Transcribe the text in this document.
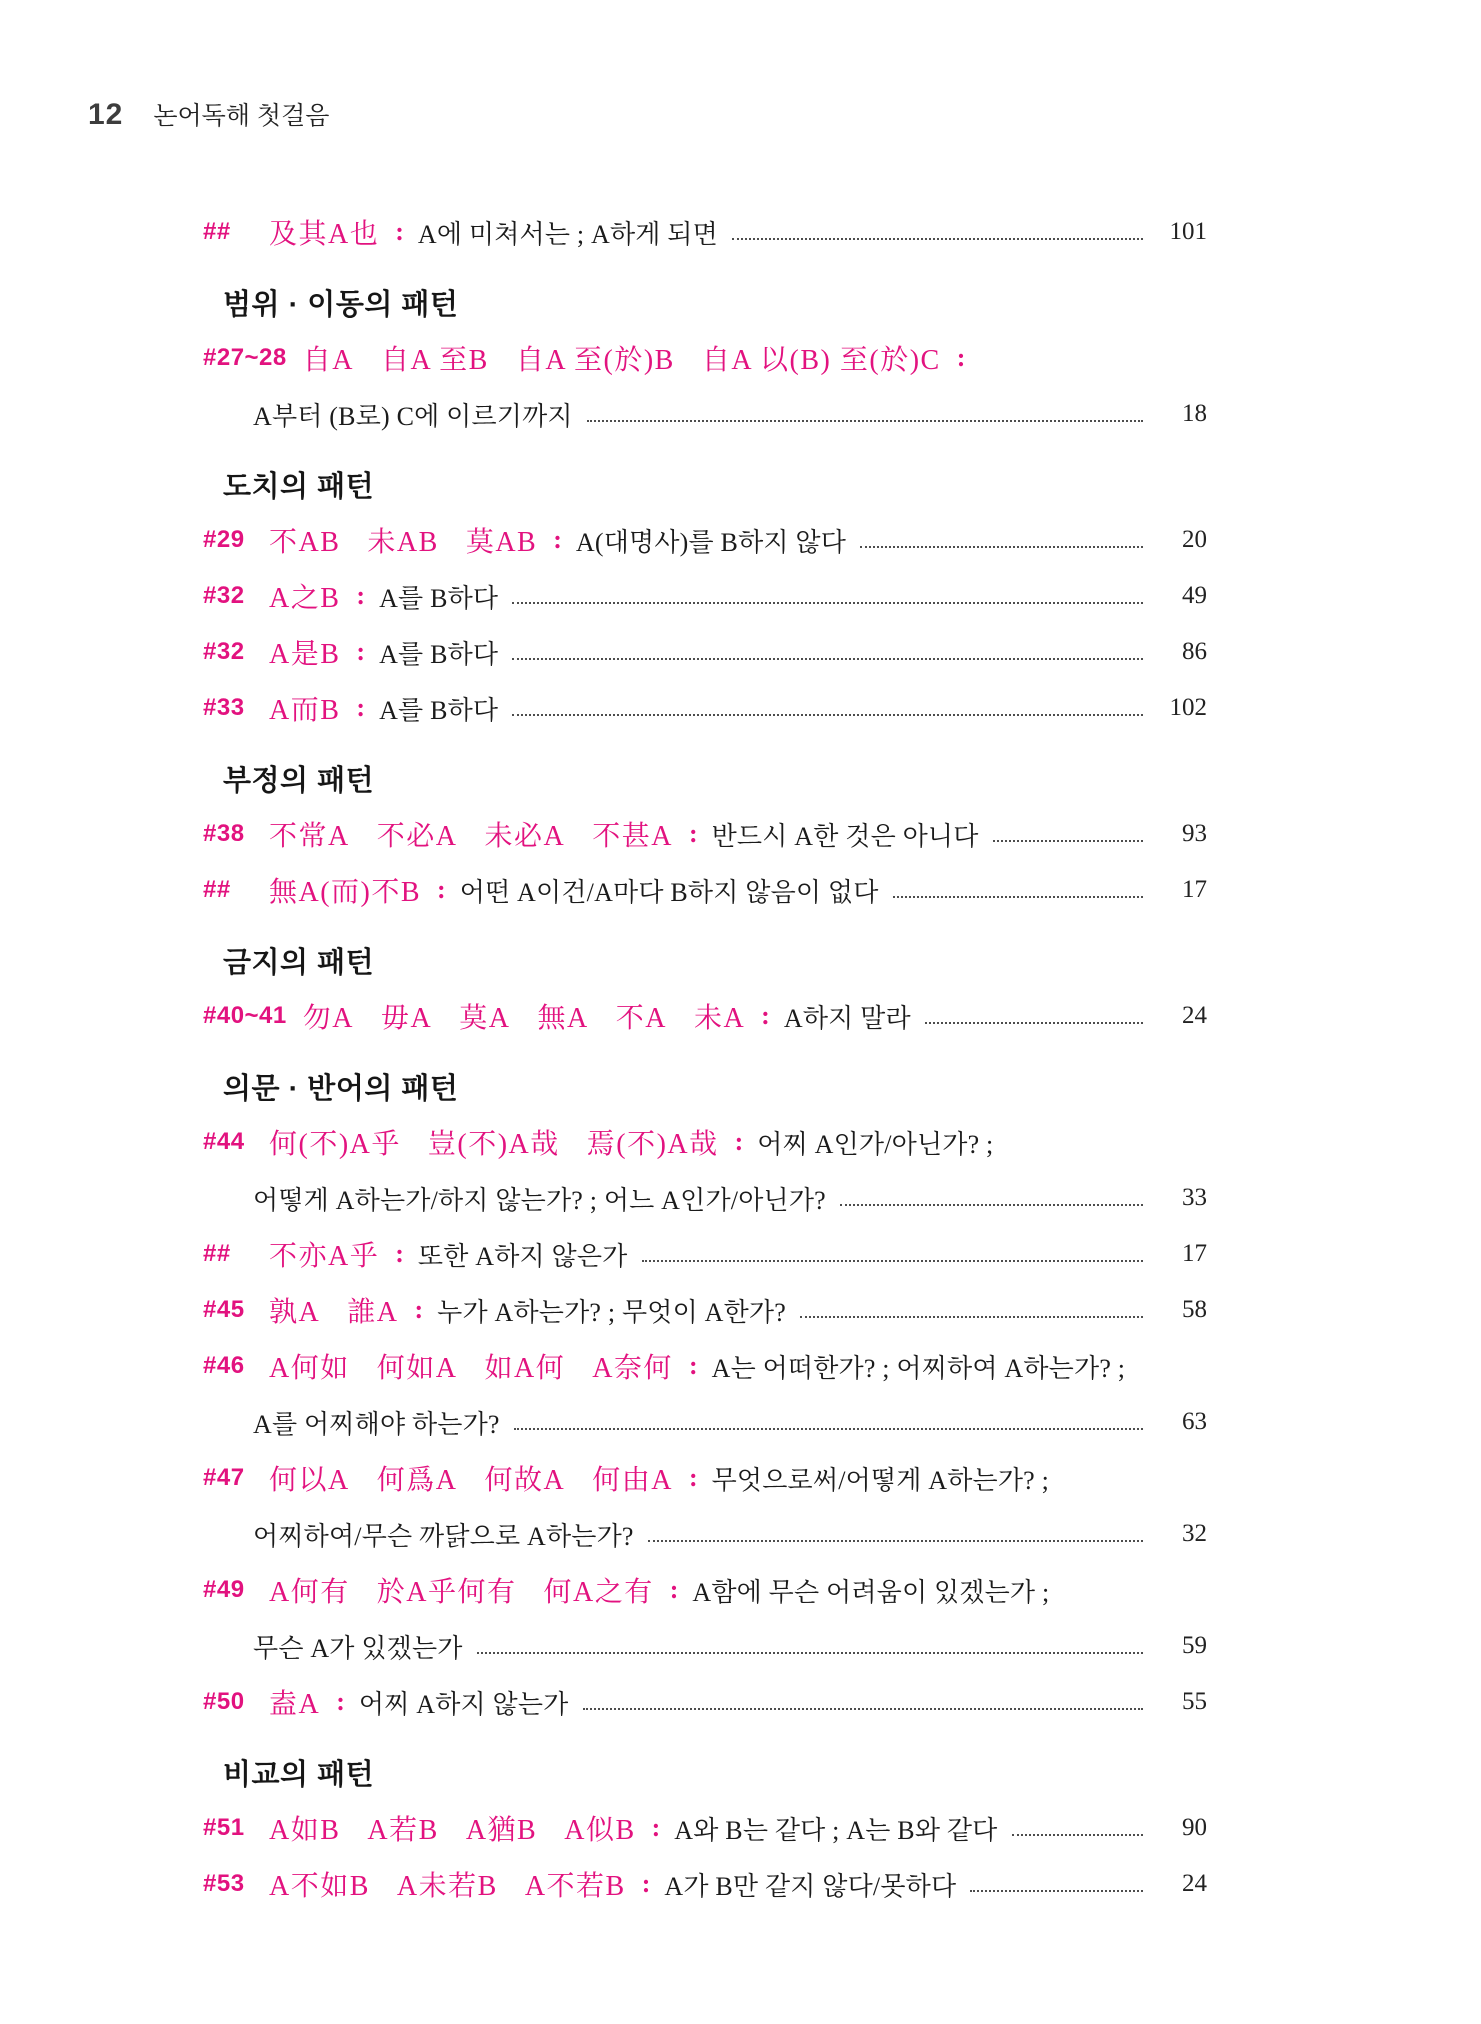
12 논어독해 첫걸음
##	及其A也 : A에 미쳐서는 ; A하게 되면	101
범위 · 이동의 패턴
#27~28 自A 自A 至B 自A 至(於)B 自A 以(B) 至(於)C :
A부터 (B로) C에 이르기까지	18
도치의 패턴
#29 不AB 未AB 莫AB : A(대명사)를 B하지 않다	20
#32 A之B : A를 B하다	49
#32 A是B : A를 B하다	86
#33 A而B : A를 B하다	102
부정의 패턴
#38 不常A 不必A 未必A 不甚A : 반드시 A한 것은 아니다	93
##	無A(而)不B : 어떤 A이건/A마다 B하지 않음이 없다	17
금지의 패턴
#40~41 勿A 毋A 莫A 無A 不A 未A : A하지 말라	24
의문 · 반어의 패턴
#44 何(不)A乎 豈(不)A哉 焉(不)A哉 : 어찌 A인가/아닌가? ;
어떻게 A하는가/하지 않는가? ; 어느 A인가/아닌가?	33
##	不亦A乎 : 또한 A하지 않은가	17
#45 孰A 誰A : 누가 A하는가? ; 무엇이 A한가?	58
#46 A何如 何如A 如A何 A奈何 : A는 어떠한가? ; 어찌하여 A하는가? ;
A를 어찌해야 하는가?	63
#47 何以A 何爲A 何故A 何由A : 무엇으로써/어떻게 A하는가? ;
어찌하여/무슨 까닭으로 A하는가?	32
#49 A何有 於A乎何有 何A之有 : A함에 무슨 어려움이 있겠는가 ;
무슨 A가 있겠는가	59
#50 盍A : 어찌 A하지 않는가	55
비교의 패턴
#51 A如B A若B A猶B A似B : A와 B는 같다 ; A는 B와 같다	90
#53 A不如B A未若B A不若B : A가 B만 같지 않다/못하다	24
